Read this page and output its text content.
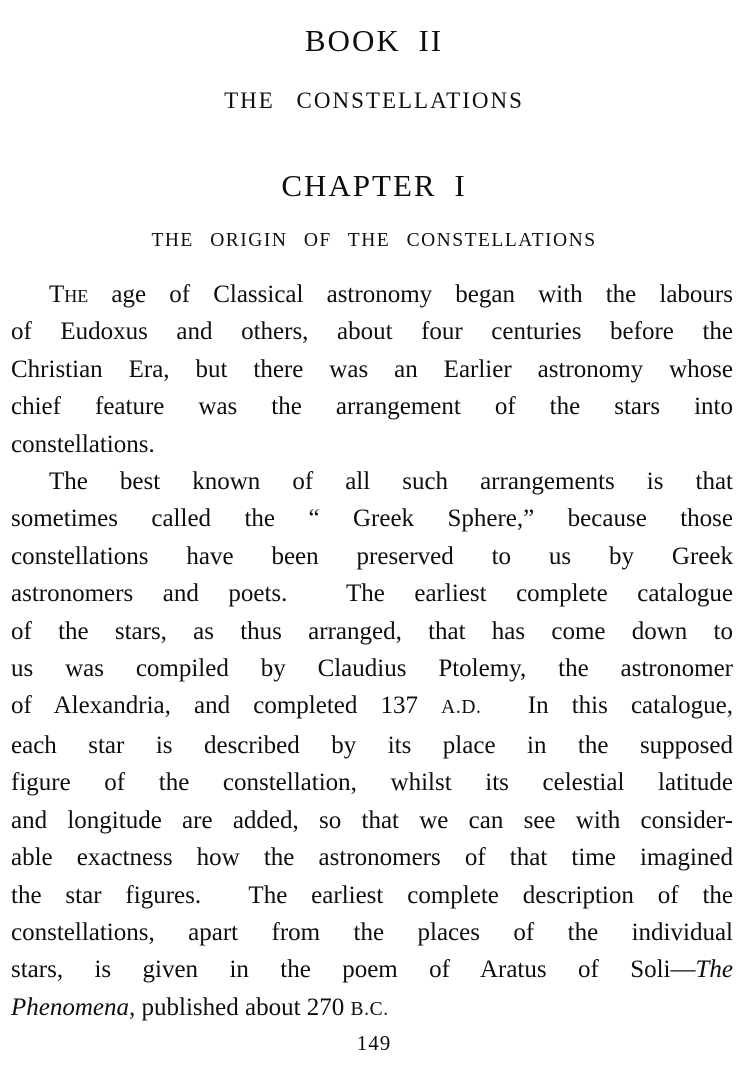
BOOK II
THE CONSTELLATIONS
CHAPTER I
THE ORIGIN OF THE CONSTELLATIONS
The age of Classical astronomy began with the labours
of Eudoxus and others, about four centuries before the
Christian Era, but there was an Earlier astronomy whose
chief feature was the arrangement of the stars into
constellations.
The best known of all such arrangements is that
sometimes called the “ Greek Sphere,” because those
constellations have been preserved to us by Greek
astronomers and poets.  The earliest complete catalogue
of the stars, as thus arranged, that has come down to
us was compiled by Claudius Ptolemy, the astronomer
of Alexandria, and completed 137 A.D.  In this catalogue,
each star is described by its place in the supposed
figure of the constellation, whilst its celestial latitude
and longitude are added, so that we can see with consider-
able exactness how the astronomers of that time imagined
the star figures.  The earliest complete description of the
constellations, apart from the places of the individual
stars, is given in the poem of Aratus of Soli—The
Phenomena, published about 270 B.C.
149
